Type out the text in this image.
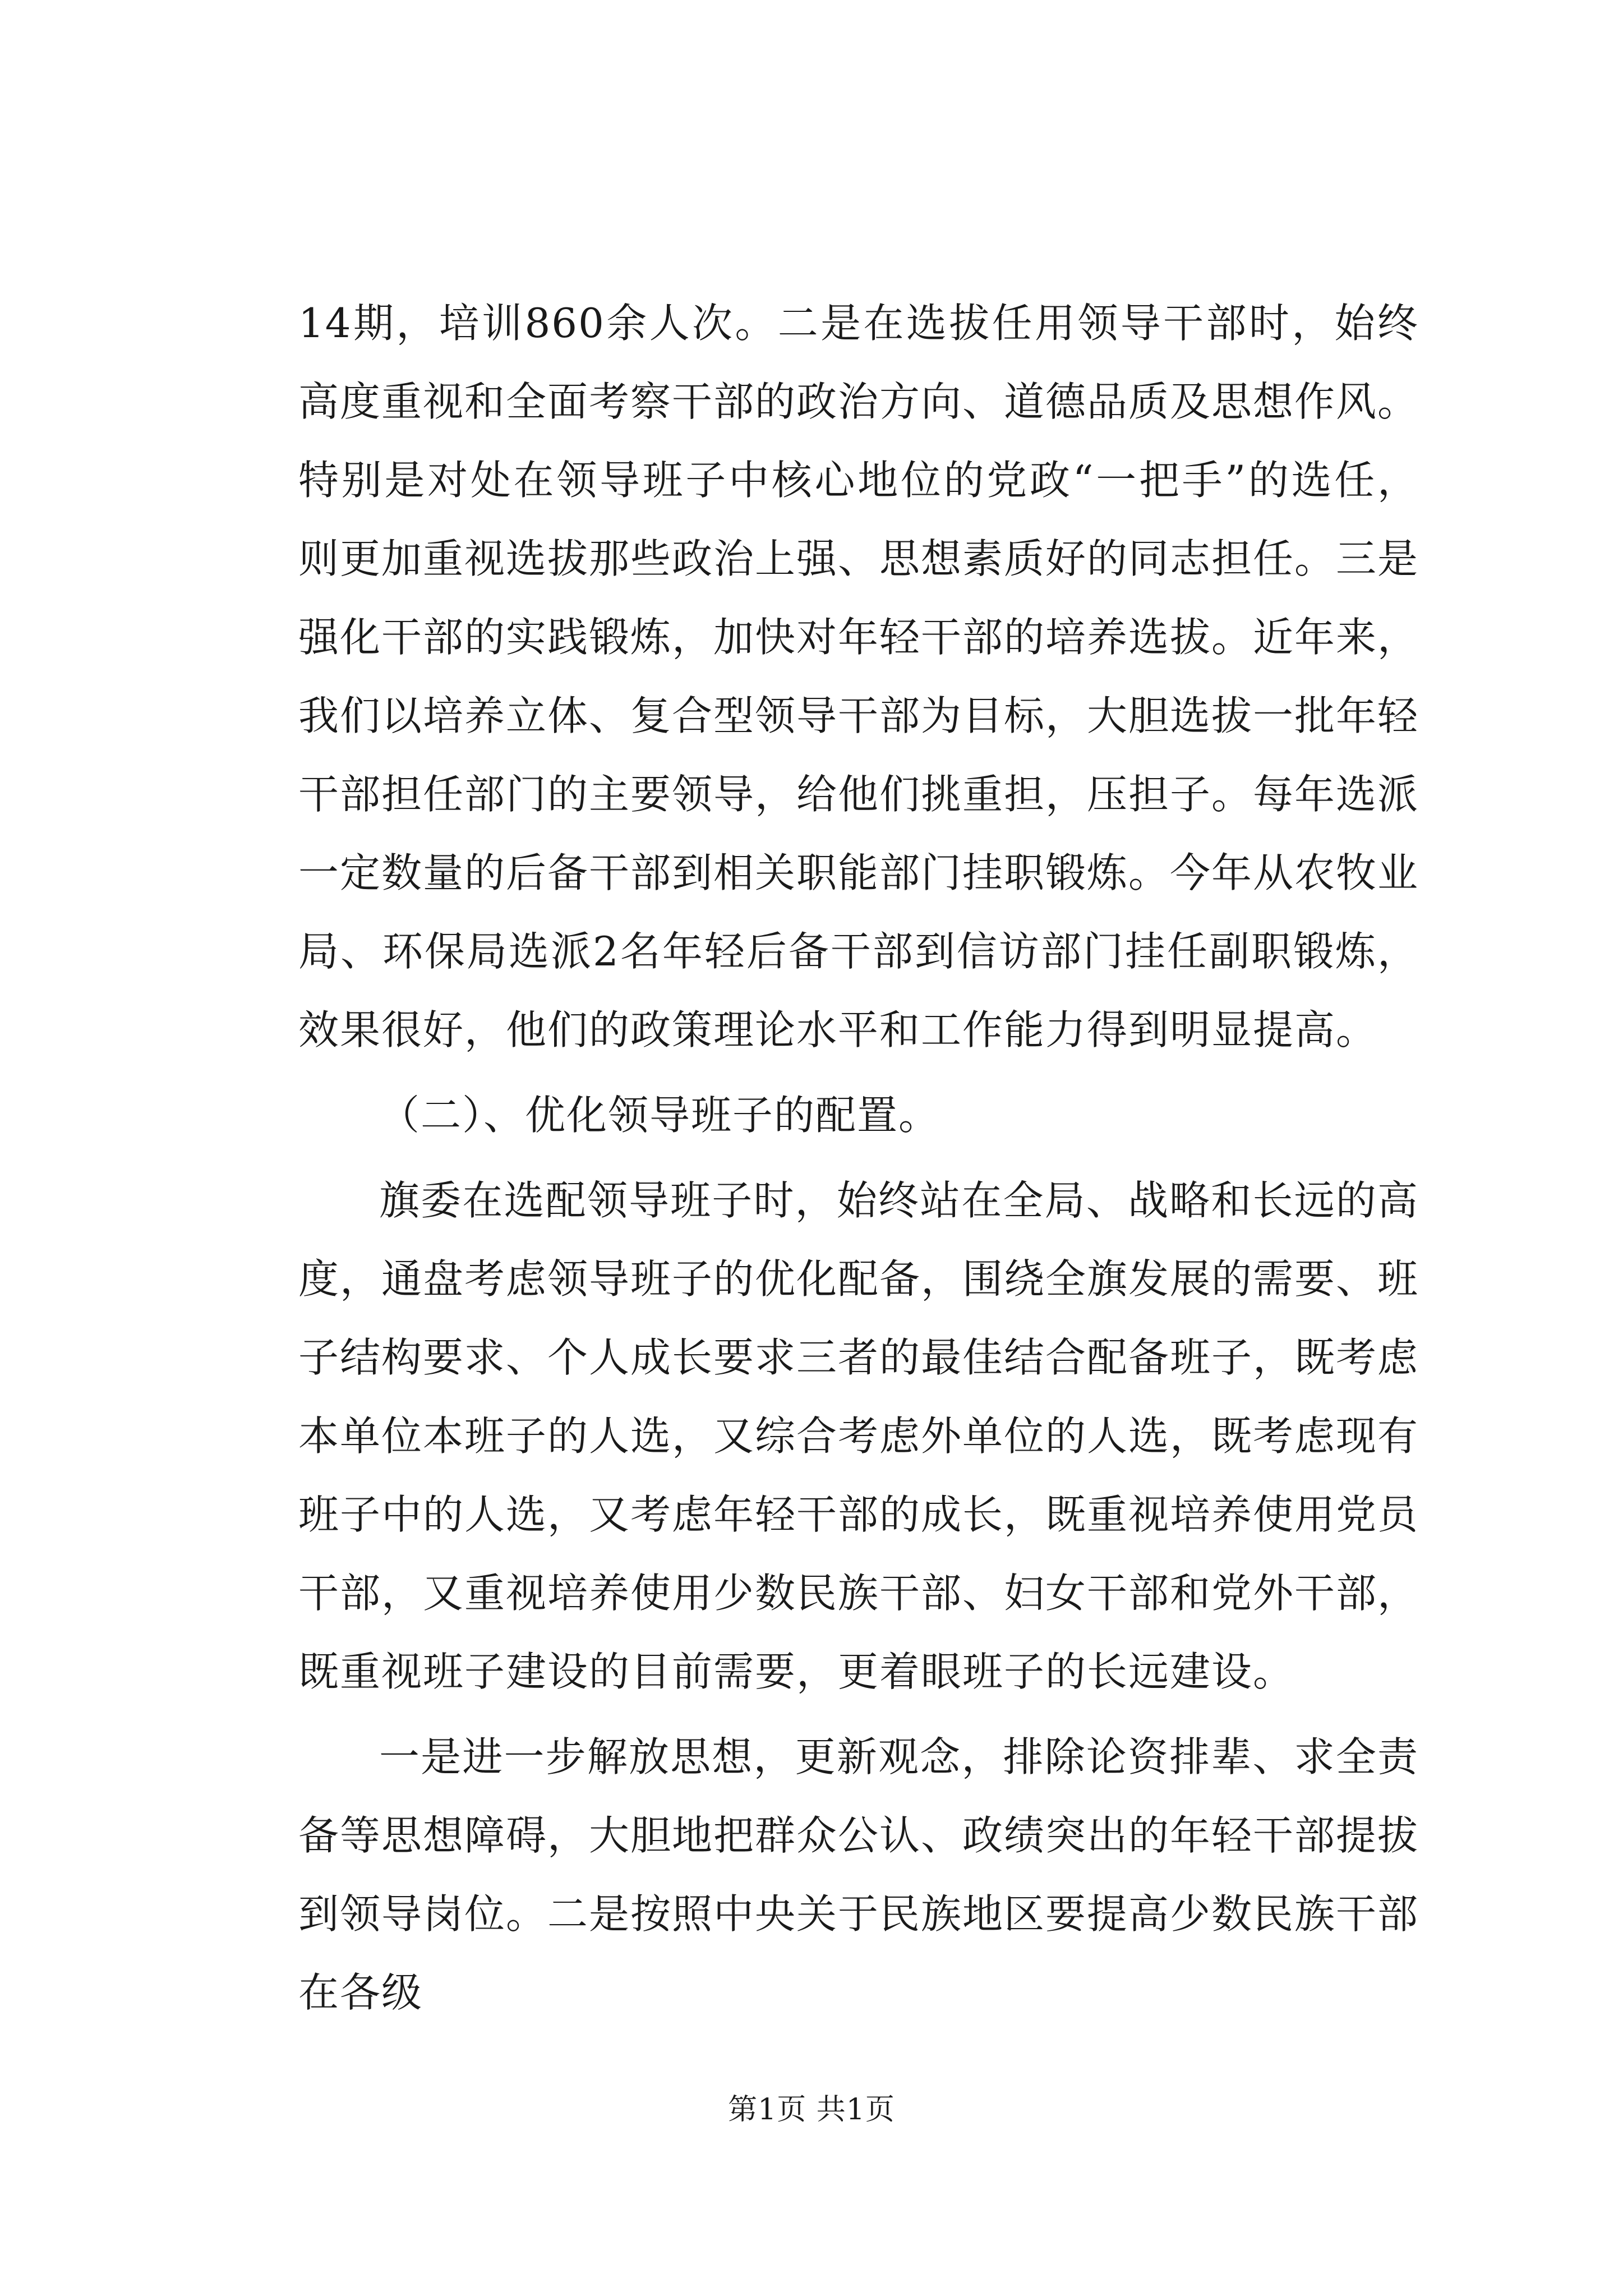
14期，培训860余人次。二是在选拔任用领导干部时，始终高度重视和全面考察干部的政治方向、道德品质及思想作风。特别是对处在领导班子中核心地位的党政“一把手”的选任，则更加重视选拔那些政治上强、思想素质好的同志担任。三是强化干部的实践锻炼，加快对年轻干部的培养选拔。近年来，我们以培养立体、复合型领导干部为目标，大胆选拔一批年轻干部担任部门的主要领导，给他们挑重担，压担子。每年选派一定数量的后备干部到相关职能部门挂职锻炼。今年从农牧业局、环保局选派2名年轻后备干部到信访部门挂任副职锻炼，效果很好，他们的政策理论水平和工作能力得到明显提高。

（二）、优化领导班子的配置。

旗委在选配领导班子时，始终站在全局、战略和长远的高度，通盘考虑领导班子的优化配备，围绕全旗发展的需要、班子结构要求、个人成长要求三者的最佳结合配备班子，既考虑本单位本班子的人选，又综合考虑外单位的人选，既考虑现有班子中的人选，又考虑年轻干部的成长，既重视培养使用党员干部，又重视培养使用少数民族干部、妇女干部和党外干部，既重视班子建设的目前需要，更着眼班子的长远建设。

一是进一步解放思想，更新观念，排除论资排辈、求全责备等思想障碍，大胆地把群众公认、政绩突出的年轻干部提拔到领导岗位。二是按照中央关于民族地区要提高少数民族干部在各级

第1页 共1页
